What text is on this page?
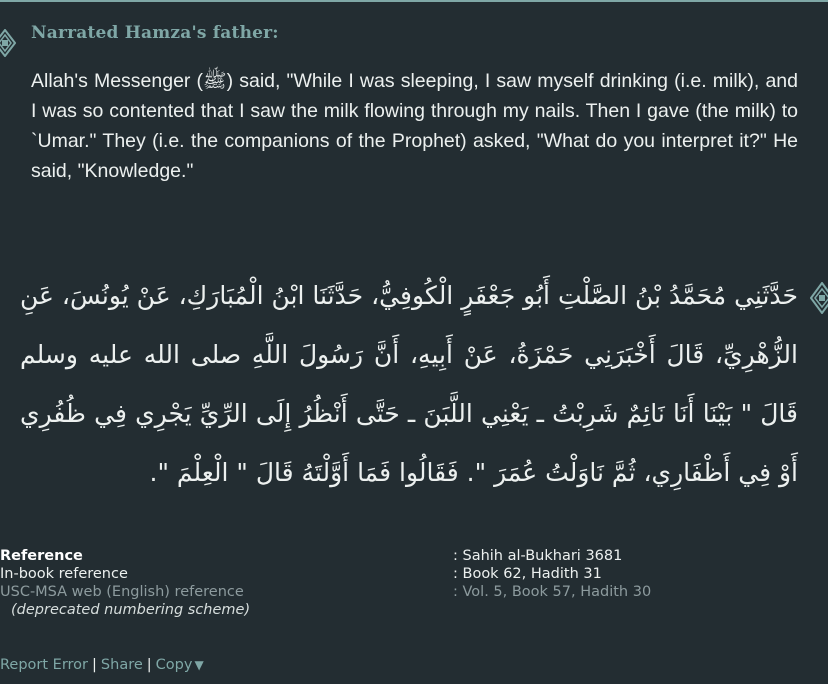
Narrated Hamza's father:

Allah's Messenger (ﷺ) said, "While I was sleeping, I saw myself drinking (i.e. milk), and I was so contented that I saw the milk flowing through my nails. Then I gave (the milk) to `Umar." They (i.e. the companions of the Prophet) asked, "What do you interpret it?" He said, "Knowledge."

حَدَّثَنِي مُحَمَّدُ بْنُ الصَّلْتِ أَبُو جَعْفَرٍ الْكُوفِيُّ، حَدَّثَنَا ابْنُ الْمُبَارَكِ، عَنْ يُونُسَ، عَنِ الزُّهْرِيِّ، قَالَ أَخْبَرَنِي حَمْزَةُ، عَنْ أَبِيهِ، أَنَّ رَسُولَ اللَّهِ صلى الله عليه وسلم قَالَ " بَيْنَا أَنَا نَائِمٌ شَرِبْتُ ـ يَعْنِي اللَّبَنَ ـ حَتَّى أَنْظُرُ إِلَى الرِّيِّ يَجْرِي فِي ظُفُرِي أَوْ فِي أَظْفَارِي، ثُمَّ نَاوَلْتُ عُمَرَ ". فَقَالُوا فَمَا أَوَّلْتَهُ قَالَ " الْعِلْمَ ".

Reference	: Sahih al-Bukhari 3681
In-book reference	: Book 62, Hadith 31
USC-MSA web (English) reference	: Vol. 5, Book 57, Hadith 30
(deprecated numbering scheme)
Report Error | Share | Copy ▼
